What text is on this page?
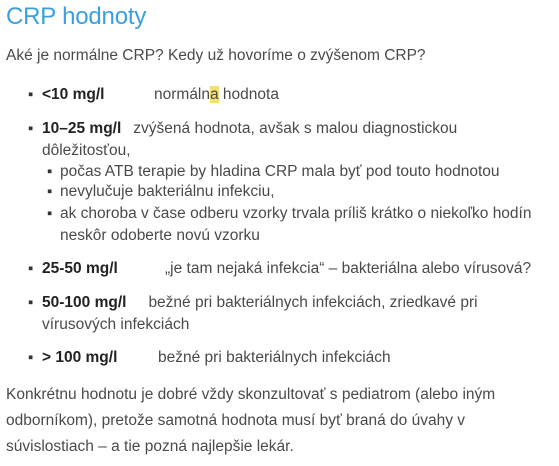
CRP hodnoty
Aké je normálne CRP? Kedy už hovoríme o zvýšenom CRP?
▪ <10 mg/l	normálna hodnota
▪ 10–25 mg/l zvýšená hodnota, avšak s malou diagnostickou dôležitosťou,
▪ počas ATB terapie by hladina CRP mala byť pod touto hodnotou
▪ nevylučuje bakteriálnu infekciu,
▪ ak choroba v čase odberu vzorky trvala príliš krátko o niekoľko hodín neskôr odoberte novú vzorku
▪ 25-50 mg/l	„je tam nejaká infekcia“ – bakteriálna alebo vírusová?
▪ 50-100 mg/l bežné pri bakteriálnych infekciách, zriedkavé pri vírusových infekciách
▪ > 100 mg/l	bežné pri bakteriálnych infekciách
Konkrétnu hodnotu je dobré vždy skonzultovať s pediatrom (alebo iným odborníkom), pretože samotná hodnota musí byť braná do úvahy v súvislostiach – a tie pozná najlepšie lekár.
